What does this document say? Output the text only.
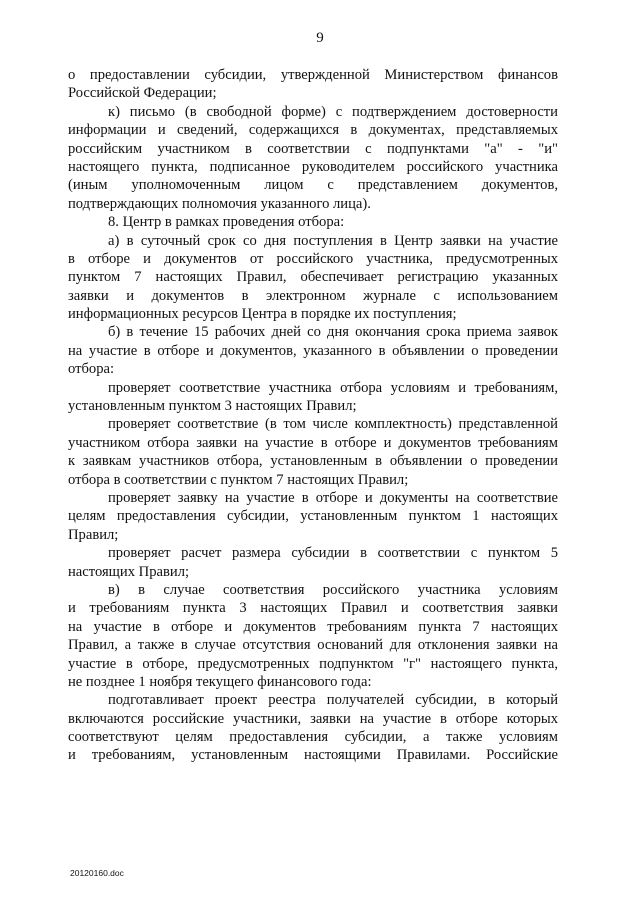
9
о предоставлении субсидии, утвержденной Министерством финансов
Российской Федерации;
к) письмо (в свободной форме) с подтверждением достоверности
информации и сведений, содержащихся в документах, представляемых
российским участником в соответствии с подпунктами "а" - "и"
настоящего пункта, подписанное руководителем российского участника
(иным уполномоченным лицом с представлением документов,
подтверждающих полномочия указанного лица).
8. Центр в рамках проведения отбора:
а) в суточный срок со дня поступления в Центр заявки на участие
в отборе и документов от российского участника, предусмотренных
пунктом 7 настоящих Правил, обеспечивает регистрацию указанных
заявки и документов в электронном журнале с использованием
информационных ресурсов Центра в порядке их поступления;
б) в течение 15 рабочих дней со дня окончания срока приема заявок
на участие в отборе и документов, указанного в объявлении о проведении
отбора:
проверяет соответствие участника отбора условиям и требованиям,
установленным пунктом 3 настоящих Правил;
проверяет соответствие (в том числе комплектность) представленной
участником отбора заявки на участие в отборе и документов требованиям
к заявкам участников отбора, установленным в объявлении о проведении
отбора в соответствии с пунктом 7 настоящих Правил;
проверяет заявку на участие в отборе и документы на соответствие
целям предоставления субсидии, установленным пунктом 1 настоящих
Правил;
проверяет расчет размера субсидии в соответствии с пунктом 5
настоящих Правил;
в) в случае соответствия российского участника условиям
и требованиям пункта 3 настоящих Правил и соответствия заявки
на участие в отборе и документов требованиям пункта 7 настоящих
Правил, а также в случае отсутствия оснований для отклонения заявки на
участие в отборе, предусмотренных подпунктом "г" настоящего пункта,
не позднее 1 ноября текущего финансового года:
подготавливает проект реестра получателей субсидии, в который
включаются российские участники, заявки на участие в отборе которых
соответствуют целям предоставления субсидии, а также условиям
и требованиям, установленным настоящими Правилами. Российские
20120160.doc
